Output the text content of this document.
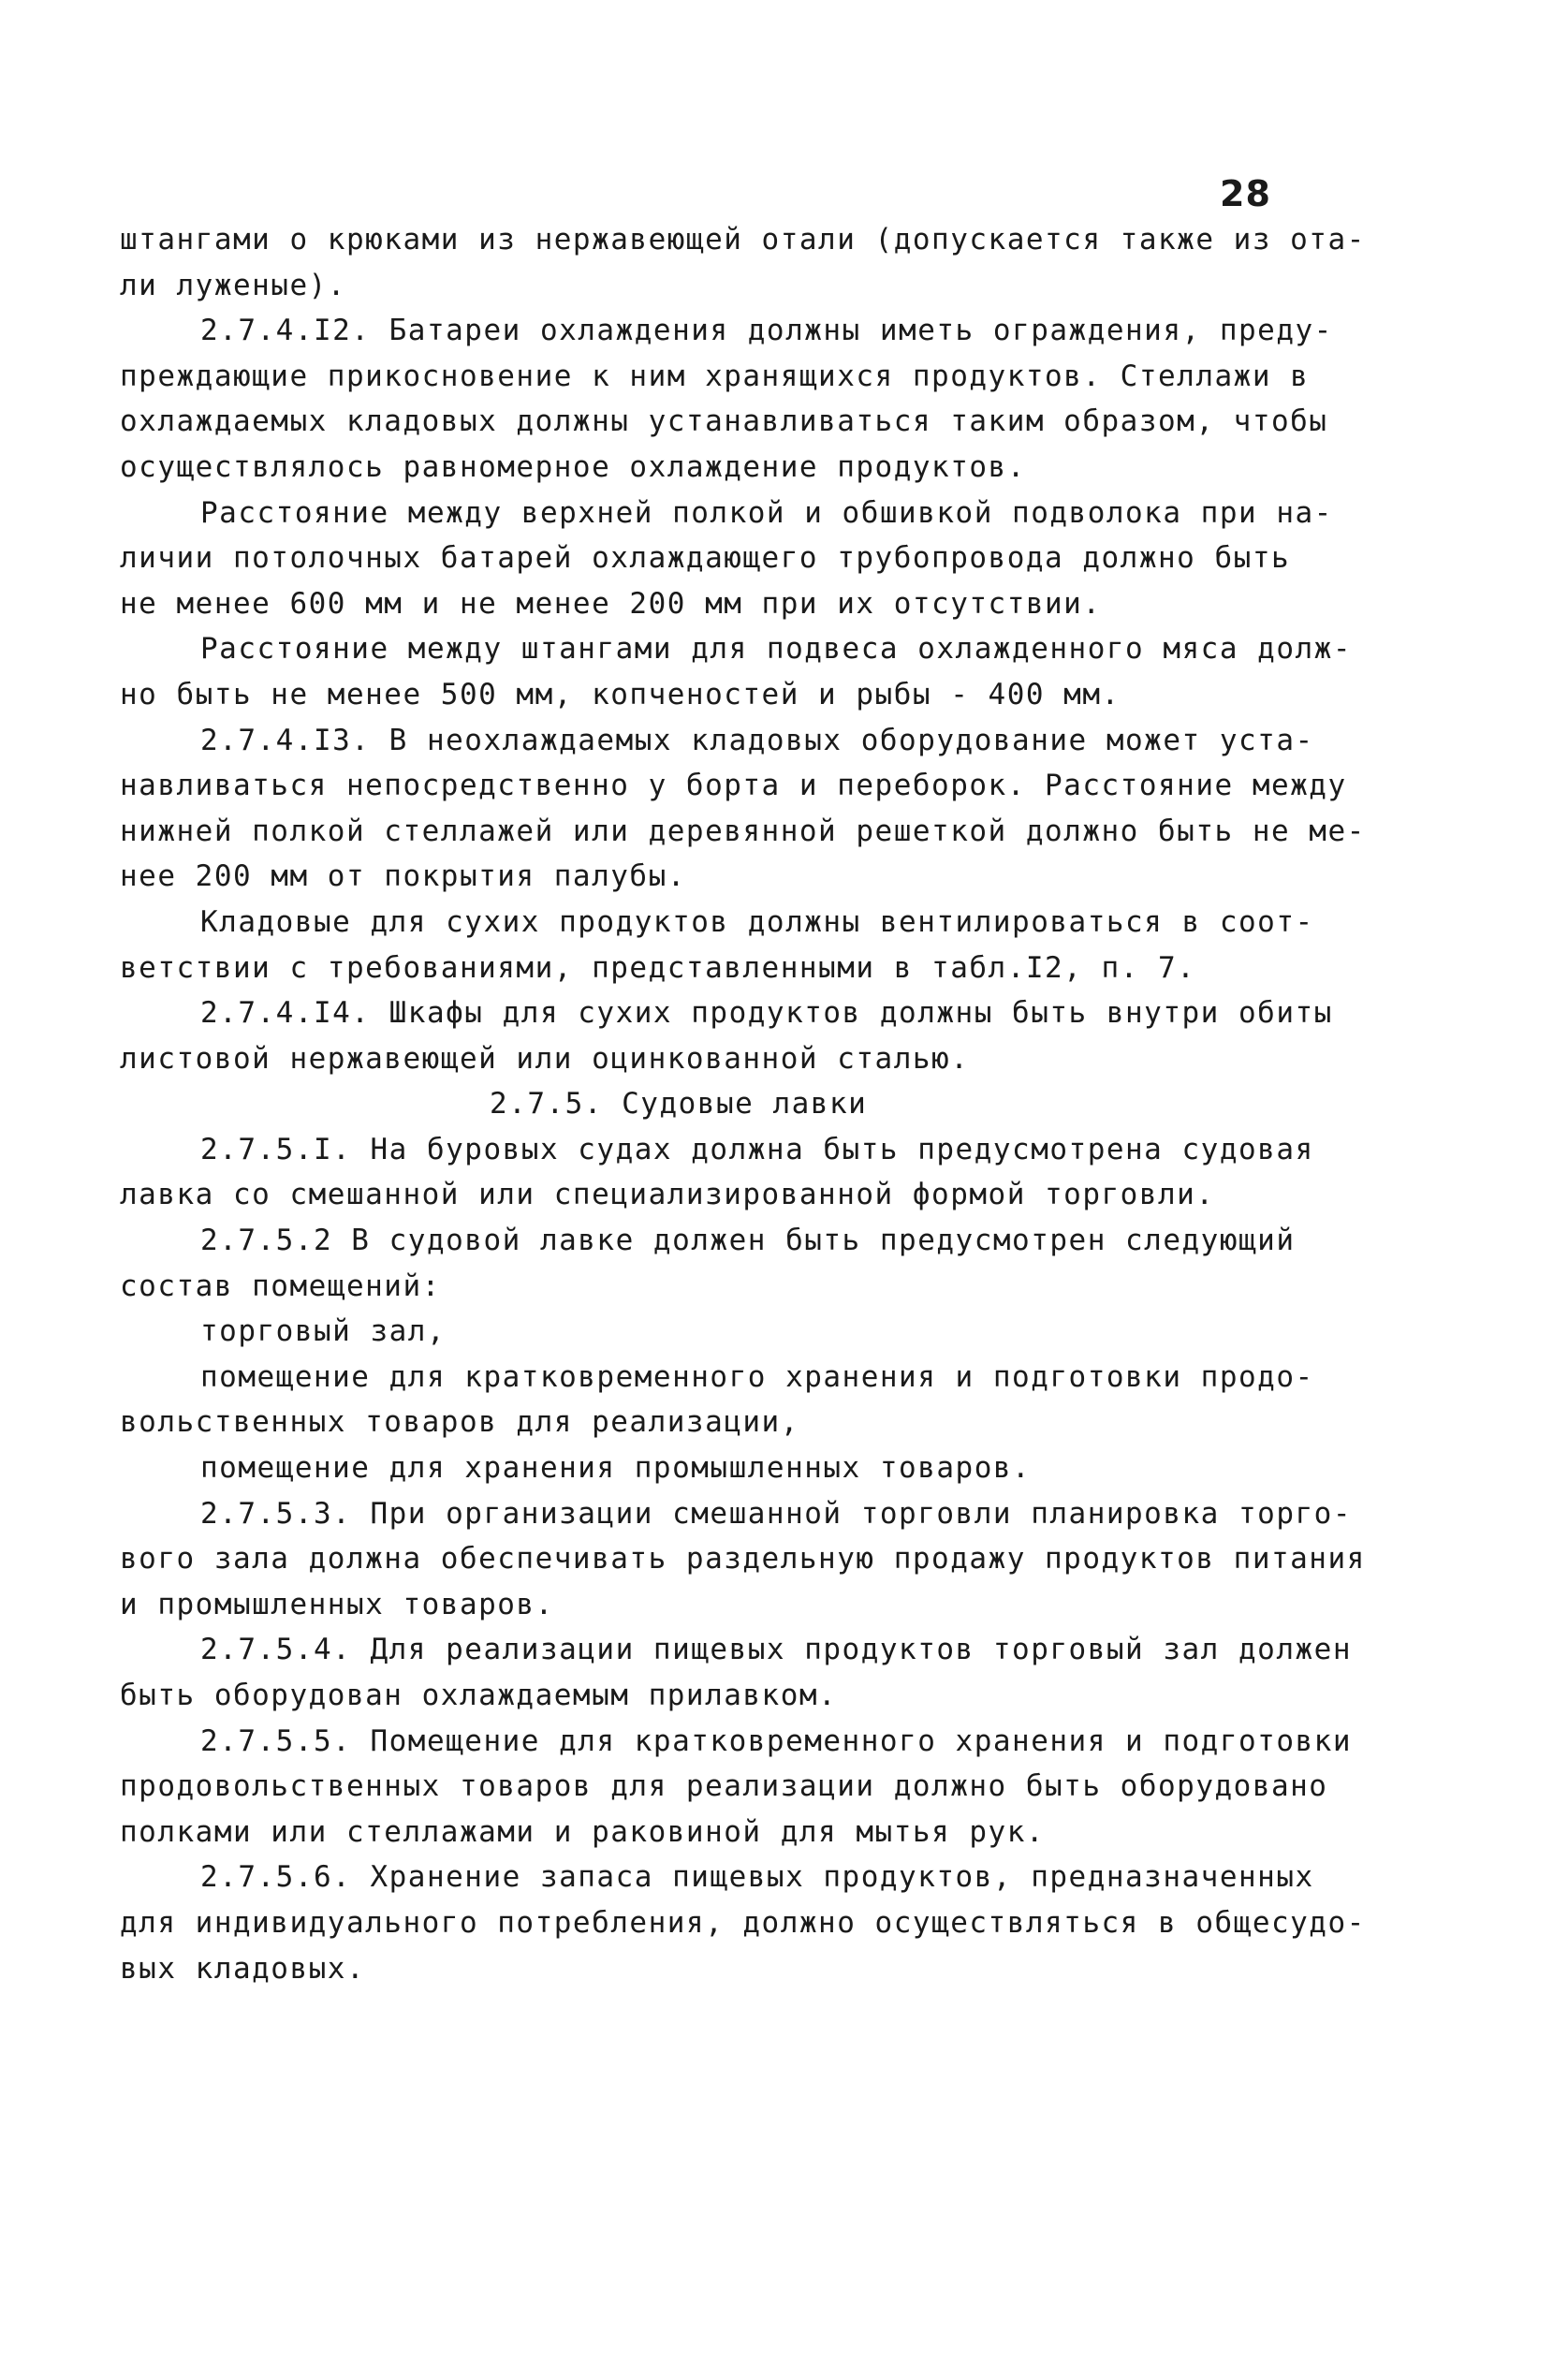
28
штангами о крюками из нержавеющей отали (допускается также из ота-
ли луженые).
2.7.4.I2. Батареи охлаждения должны иметь ограждения, преду-
преждающие прикосновение к ним хранящихся продуктов. Стеллажи в
охлаждаемых кладовых должны устанавливаться таким образом, чтобы
осуществлялось равномерное охлаждение продуктов.
Расстояние между верхней полкой и обшивкой подволока при на-
личии потолочных батарей охлаждающего трубопровода должно быть
не менее 600 мм и не менее 200 мм при их отсутствии.
Расстояние между штангами для подвеса охлажденного мяса долж-
но быть не менее 500 мм, копченостей и рыбы - 400 мм.
2.7.4.I3. В неохлаждаемых кладовых оборудование может уста-
навливаться непосредственно у борта и переборок. Расстояние между
нижней полкой стеллажей или деревянной решеткой должно быть не ме-
нее 200 мм от покрытия палубы.
Кладовые для сухих продуктов должны вентилироваться в соот-
ветствии с требованиями, представленными в табл.I2, п. 7.
2.7.4.I4. Шкафы для сухих продуктов должны быть внутри обиты
листовой нержавеющей или оцинкованной сталью.
2.7.5. Судовые лавки
2.7.5.I. На буровых судах должна быть предусмотрена судовая
лавка со смешанной или специализированной формой торговли.
2.7.5.2 В судовой лавке должен быть предусмотрен следующий
состав помещений:
торговый зал,
помещение для кратковременного хранения и подготовки продо-
вольственных товаров для реализации,
помещение для хранения промышленных товаров.
2.7.5.3. При организации смешанной торговли планировка торго-
вого зала должна обеспечивать раздельную продажу продуктов питания
и промышленных товаров.
2.7.5.4. Для реализации пищевых продуктов торговый зал должен
быть оборудован охлаждаемым прилавком.
2.7.5.5. Помещение для кратковременного хранения и подготовки
продовольственных товаров для реализации должно быть оборудовано
полками или стеллажами и раковиной для мытья рук.
2.7.5.6. Хранение запаса пищевых продуктов, предназначенных
для индивидуального потребления, должно осуществляться в общесудо-
вых кладовых.
